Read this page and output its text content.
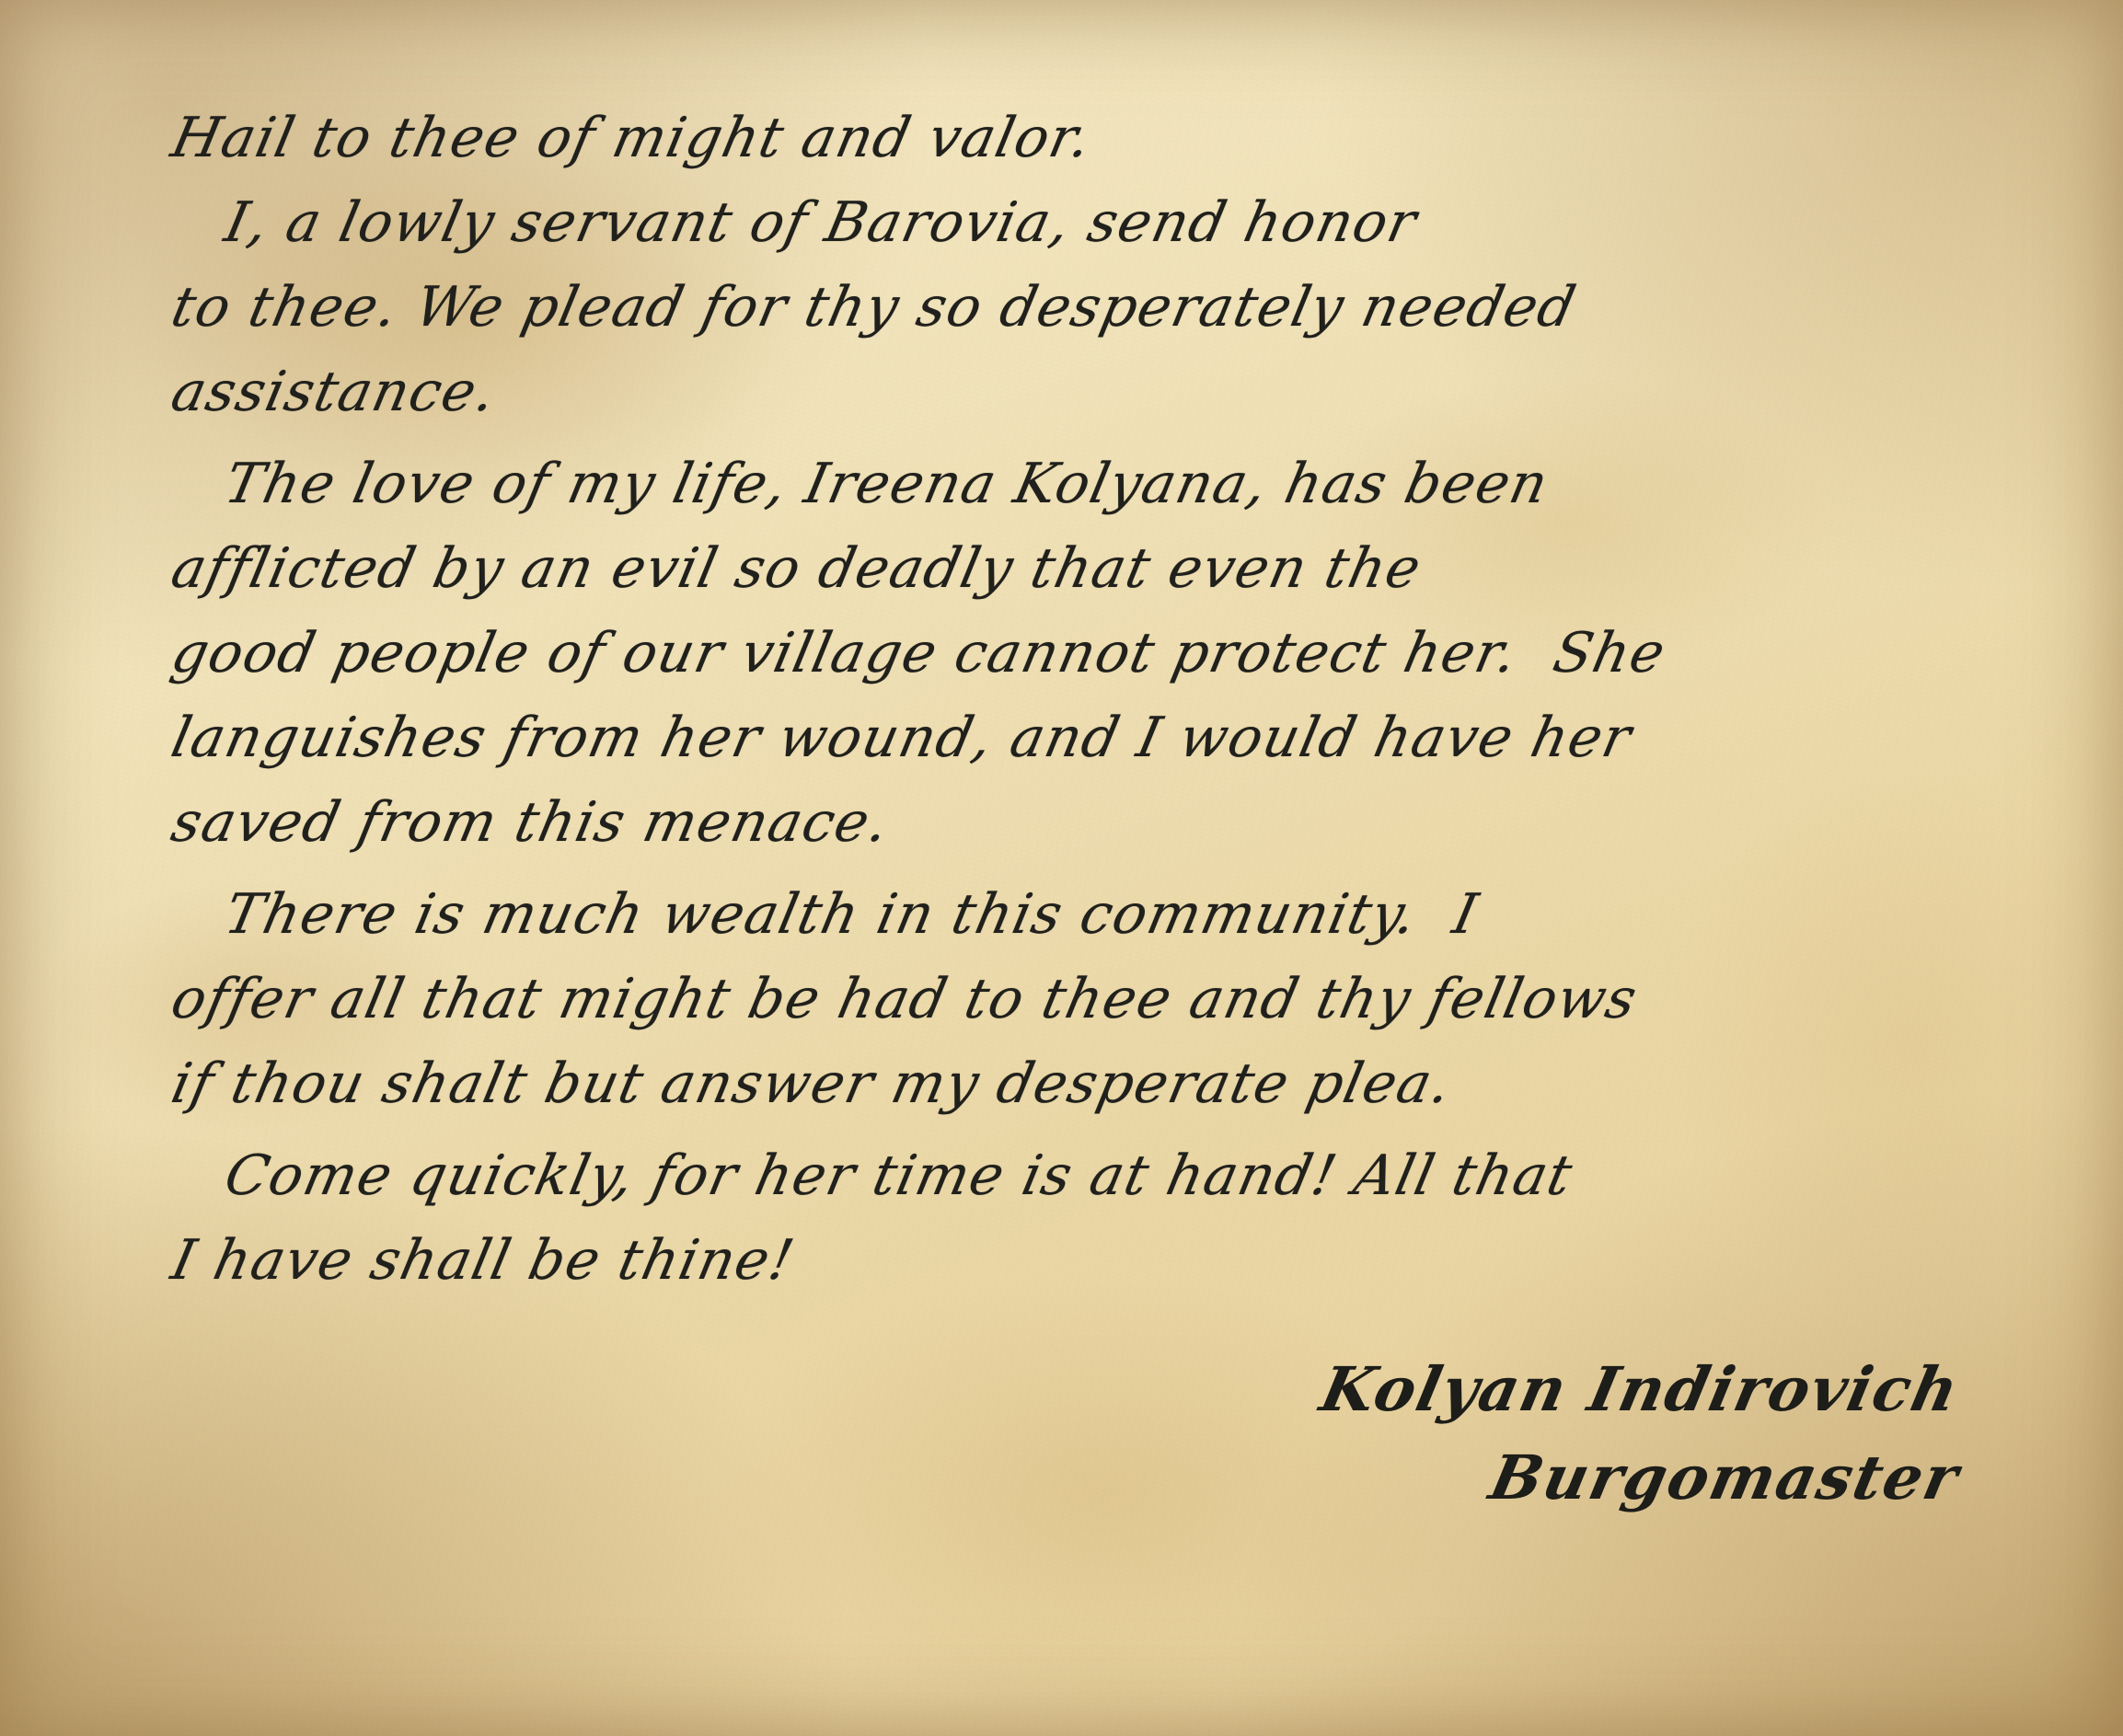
Hail to thee of might and valor.
I, a lowly servant of Barovia, send honor
to thee. We plead for thy so desperately needed
assistance.
The love of my life, Ireena Kolyana, has been
afflicted by an evil so deadly that even the
good people of our village cannot protect her.  She
languishes from her wound, and I would have her
saved from this menace.
There is much wealth in this community.  I
offer all that might be had to thee and thy fellows
if thou shalt but answer my desperate plea.
Come quickly, for her time is at hand! All that
I have shall be thine!
Kolyan Indirovich
Burgomaster
